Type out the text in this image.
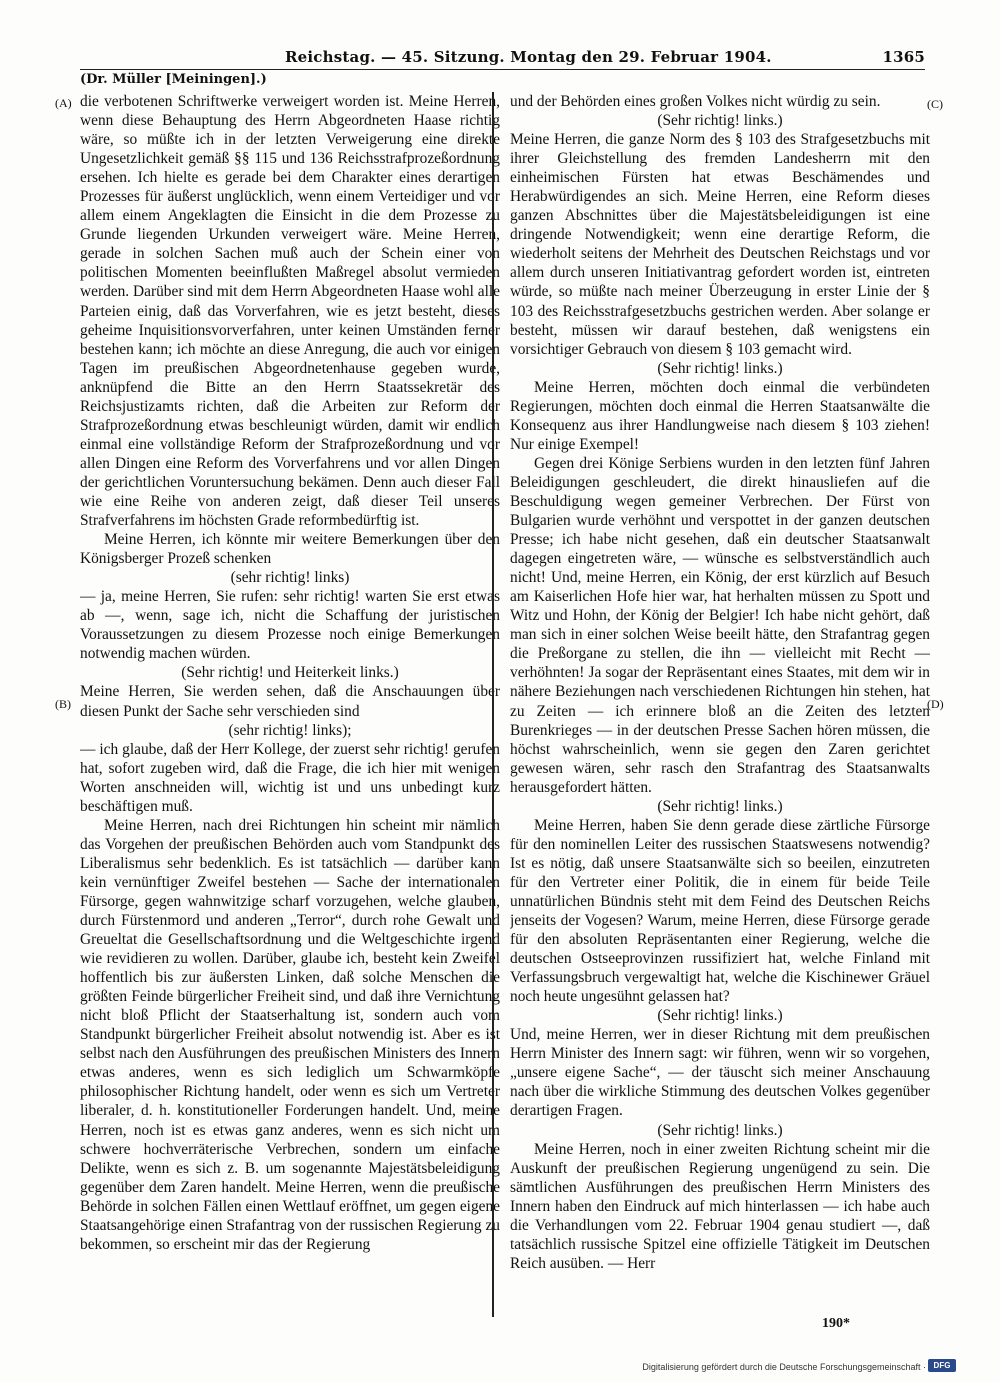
Reichstag. — 45. Sitzung. Montag den 29. Februar 1904.	1365
(Dr. Müller [Meiningen].)
(A)
(B)
(C)
(D)

die verbotenen Schriftwerke verweigert worden ist. Meine Herren, wenn diese Behauptung des Herrn Abgeordneten Haase richtig wäre, so müßte ich in der letzten Verweigerung eine direkte Ungesetzlichkeit gemäß §§ 115 und 136 Reichsstrafprozeßordnung ersehen. Ich hielte es gerade bei dem Charakter eines derartigen Prozesses für äußerst unglücklich, wenn einem Verteidiger und vor allem einem Angeklagten die Einsicht in die dem Prozesse zu Grunde liegenden Urkunden verweigert wäre. Meine Herren, gerade in solchen Sachen muß auch der Schein einer von politischen Momenten beeinflußten Maßregel absolut vermieden werden. Darüber sind mit dem Herrn Abgeordneten Haase wohl alle Parteien einig, daß das Vorverfahren, wie es jetzt besteht, dieses geheime Inquisitionsvorverfahren, unter keinen Umständen ferner bestehen kann; ich möchte an diese Anregung, die auch vor einigen Tagen im preußischen Abgeordnetenhause gegeben wurde, anknüpfend die Bitte an den Herrn Staatssekretär des Reichsjustizamts richten, daß die Arbeiten zur Reform der Strafprozeßordnung etwas beschleunigt würden, damit wir endlich einmal eine vollständige Reform der Strafprozeßordnung und vor allen Dingen eine Reform des Vorverfahrens und vor allen Dingen der gerichtlichen Voruntersuchung bekämen. Denn auch dieser Fall wie eine Reihe von anderen zeigt, daß dieser Teil unseres Strafverfahrens im höchsten Grade reformbedürftig ist.

Meine Herren, ich könnte mir weitere Bemerkungen über den Königsberger Prozeß schenken

(sehr richtig! links)

— ja, meine Herren, Sie rufen: sehr richtig! warten Sie erst etwas ab —, wenn, sage ich, nicht die Schaffung der juristischen Voraussetzungen zu diesem Prozesse noch einige Bemerkungen notwendig machen würden.

(Sehr richtig! und Heiterkeit links.)

Meine Herren, Sie werden sehen, daß die Anschauungen über diesen Punkt der Sache sehr verschieden sind

(sehr richtig! links);

— ich glaube, daß der Herr Kollege, der zuerst sehr richtig! gerufen hat, sofort zugeben wird, daß die Frage, die ich hier mit wenigen Worten anschneiden will, wichtig ist und uns unbedingt kurz beschäftigen muß.

Meine Herren, nach drei Richtungen hin scheint mir nämlich das Vorgehen der preußischen Behörden auch vom Standpunkt des Liberalismus sehr bedenklich. Es ist tatsächlich — darüber kann kein vernünftiger Zweifel bestehen — Sache der internationalen Fürsorge, gegen wahnwitzige scharf vorzugehen, welche glauben, durch Fürstenmord und anderen „Terror“, durch rohe Gewalt und Greueltat die Gesellschaftsordnung und die Weltgeschichte irgend wie revidieren zu wollen. Darüber, glaube ich, besteht kein Zweifel hoffentlich bis zur äußersten Linken, daß solche Menschen die größten Feinde bürgerlicher Freiheit sind, und daß ihre Vernichtung nicht bloß Pflicht der Staatserhaltung ist, sondern auch vom Standpunkt bürgerlicher Freiheit absolut notwendig ist. Aber es ist selbst nach den Ausführungen des preußischen Ministers des Innern etwas anderes, wenn es sich lediglich um Schwarmköpfe philosophischer Richtung handelt, oder wenn es sich um Vertreter liberaler, d. h. konstitutioneller Forderungen handelt. Und, meine Herren, noch ist es etwas ganz anderes, wenn es sich nicht um schwere hochverräterische Verbrechen, sondern um einfache Delikte, wenn es sich z. B. um sogenannte Majestätsbeleidigung gegenüber dem Zaren handelt. Meine Herren, wenn die preußische Behörde in solchen Fällen einen Wettlauf eröffnet, um gegen eigene Staatsangehörige einen Strafantrag von der russischen Regierung zu bekommen, so erscheint mir das der Regierung

und der Behörden eines großen Volkes nicht würdig zu sein.

(Sehr richtig! links.)

Meine Herren, die ganze Norm des § 103 des Strafgesetzbuchs mit ihrer Gleichstellung des fremden Landesherrn mit den einheimischen Fürsten hat etwas Beschämendes und Herabwürdigendes an sich. Meine Herren, eine Reform dieses ganzen Abschnittes über die Majestätsbeleidigungen ist eine dringende Notwendigkeit; wenn eine derartige Reform, die wiederholt seitens der Mehrheit des Deutschen Reichstags und vor allem durch unseren Initiativantrag gefordert worden ist, eintreten würde, so müßte nach meiner Überzeugung in erster Linie der § 103 des Reichsstrafgesetzbuchs gestrichen werden. Aber solange er besteht, müssen wir darauf bestehen, daß wenigstens ein vorsichtiger Gebrauch von diesem § 103 gemacht wird.

(Sehr richtig! links.)

Meine Herren, möchten doch einmal die verbündeten Regierungen, möchten doch einmal die Herren Staatsanwälte die Konsequenz aus ihrer Handlungweise nach diesem § 103 ziehen! Nur einige Exempel!

Gegen drei Könige Serbiens wurden in den letzten fünf Jahren Beleidigungen geschleudert, die direkt hinausliefen auf die Beschuldigung wegen gemeiner Verbrechen. Der Fürst von Bulgarien wurde verhöhnt und verspottet in der ganzen deutschen Presse; ich habe nicht gesehen, daß ein deutscher Staatsanwalt dagegen eingetreten wäre, — wünsche es selbstverständlich auch nicht! Und, meine Herren, ein König, der erst kürzlich auf Besuch am Kaiserlichen Hofe hier war, hat herhalten müssen zu Spott und Witz und Hohn, der König der Belgier! Ich habe nicht gehört, daß man sich in einer solchen Weise beeilt hätte, den Strafantrag gegen die Preßorgane zu stellen, die ihn — vielleicht mit Recht — verhöhnten! Ja sogar der Repräsentant eines Staates, mit dem wir in nähere Beziehungen nach verschiedenen Richtungen hin stehen, hat zu Zeiten — ich erinnere bloß an die Zeiten des letzten Burenkrieges — in der deutschen Presse Sachen hören müssen, die höchst wahrscheinlich, wenn sie gegen den Zaren gerichtet gewesen wären, sehr rasch den Strafantrag des Staatsanwalts herausgefordert hätten.

(Sehr richtig! links.)

Meine Herren, haben Sie denn gerade diese zärtliche Fürsorge für den nominellen Leiter des russischen Staatswesens notwendig? Ist es nötig, daß unsere Staatsanwälte sich so beeilen, einzutreten für den Vertreter einer Politik, die in einem für beide Teile unnatürlichen Bündnis steht mit dem Feind des Deutschen Reichs jenseits der Vogesen? Warum, meine Herren, diese Fürsorge gerade für den absoluten Repräsentanten einer Regierung, welche die deutschen Ostseeprovinzen russifiziert hat, welche Finland mit Verfassungsbruch vergewaltigt hat, welche die Kischinewer Gräuel noch heute ungesühnt gelassen hat?

(Sehr richtig! links.)

Und, meine Herren, wer in dieser Richtung mit dem preußischen Herrn Minister des Innern sagt: wir führen, wenn wir so vorgehen, „unsere eigene Sache“, — der täuscht sich meiner Anschauung nach über die wirkliche Stimmung des deutschen Volkes gegenüber derartigen Fragen.

(Sehr richtig! links.)

Meine Herren, noch in einer zweiten Richtung scheint mir die Auskunft der preußischen Regierung ungenügend zu sein. Die sämtlichen Ausführungen des preußischen Herrn Ministers des Innern haben den Eindruck auf mich hinterlassen — ich habe auch die Verhandlungen vom 22. Februar 1904 genau studiert —, daß tatsächlich russische Spitzel eine offizielle Tätigkeit im Deutschen Reich ausüben. — Herr

190*
Digitalisierung gefördert durch die Deutsche Forschungsgemeinschaft · DFG
